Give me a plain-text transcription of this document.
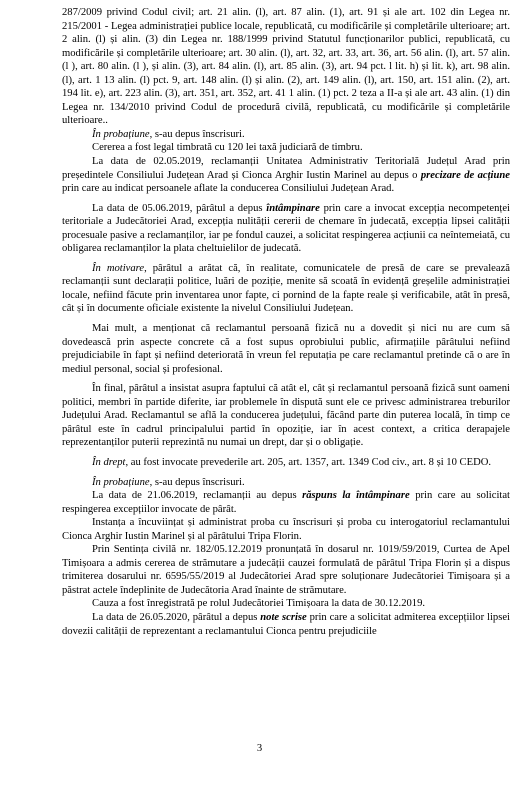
287/2009 privind Codul civil; art. 21 alin. (l), art. 87 alin. (1), art. 91 și ale art. 102 din Legea nr. 215/2001 - Legea administrației publice locale, republicată, cu modificările și completările ulterioare; art. 2 alin. (l) și alin. (3) din Legea nr. 188/1999 privind Statutul funcționarilor publici, republicată, cu modificările și completările ulterioare; art. 30 alin. (l), art. 32, art. 33, art. 36, art. 56 alin. (l), art. 57 alin. (l ), art. 80 alin. (l ), și alin. (3), art. 84 alin. (l), art. 85 alin. (3), art. 94 pct. l lit. h) și lit. k), art. 98 alin. (l), art. 1 13 alin. (l) pct. 9, art. 148 alin. (l) și alin. (2), art. 149 alin. (l), art. 150, art. 151 alin. (2), art. 194 lit. e), art. 223 alin. (3), art. 351, art. 352, art. 41 1 alin. (1) pct. 2 teza a II-a și ale art. 43 alin. (1) din Legea nr. 134/2010 privind Codul de procedură civilă, republicată, cu modificările și completările ulterioare..

În probațiune, s-au depus înscrisuri.

Cererea a fost legal timbrată cu 120 lei taxă judiciară de timbru.

La data de 02.05.2019, reclamanții Unitatea Administrativ Teritorială Județul Arad prin președintele Consiliului Județean Arad și Cionca Arghir Iustin Marinel au depus o precizare de acțiune prin care au indicat persoanele aflate la conducerea Consiliului Județean Arad.

La data de 05.06.2019, pârâtul a depus întâmpinare prin care a invocat excepția necompetenței teritoriale a Judecătoriei Arad, excepția nulității cererii de chemare în judecată, excepția lipsei calității procesuale pasive a reclamanților, iar pe fondul cauzei, a solicitat respingerea acțiunii ca neîntemeiată, cu obligarea reclamanților la plata cheltuielilor de judecată.

În motivare, pârâtul a arătat că, în realitate, comunicatele de presă de care se prevalează reclamanții sunt declarații politice, luări de poziție, menite să scoată în evidență greșelile administrației locale, nefiind făcute prin inventarea unor fapte, ci pornind de la fapte reale și verificabile, atât în presă, cât și în documente oficiale existente la nivelul Consiliului Județean.

Mai mult, a menționat că reclamantul persoană fizică nu a dovedit și nici nu are cum să dovedească prin aspecte concrete că a fost supus oprobiului public, afirmațiile pârâtului nefiind prejudiciabile în fapt și nefiind deteriorată în vreun fel reputația pe care reclamantul pretinde că o are în mediul personal, social și profesional.

În final, pârâtul a insistat asupra faptului că atât el, cât și reclamantul persoană fizică sunt oameni politici, membri în partide diferite, iar problemele în dispută sunt ele ce privesc administrarea treburilor Județului Arad. Reclamantul se află la conducerea județului, făcând parte din puterea locală, în timp ce pârâtul este în cadrul principalului partid în opoziție, iar în acest context, a critica derapajele reprezentanților puterii reprezintă nu numai un drept, dar și o obligație.

În drept, au fost invocate prevederile art. 205, art. 1357, art. 1349 Cod civ., art. 8 și 10 CEDO.

În probațiune, s-au depus înscrisuri.

La data de 21.06.2019, reclamanții au depus răspuns la întâmpinare prin care au solicitat respingerea excepțiilor invocate de pârât.

Instanța a încuviințat și administrat proba cu înscrisuri și proba cu interogatoriul reclamantului Cionca Arghir Iustin Marinel și al pârâtului Tripa Florin.

Prin Sentința civilă nr. 182/05.12.2019 pronunțată în dosarul nr. 1019/59/2019, Curtea de Apel Timișoara a admis cererea de strămutare a judecății cauzei formulată de pârâtul Tripa Florin și a dispus trimiterea dosarului nr. 6595/55/2019 al Judecătoriei Arad spre soluționare Judecătoriei Timișoara și a păstrat actele îndeplinite de Judecătoria Arad înainte de strămutare.

Cauza a fost înregistrată pe rolul Judecătoriei Timișoara la data de 30.12.2019.

La data de 26.05.2020, pârâtul a depus note scrise prin care a solicitat admiterea excepțiilor lipsei dovezii calității de reprezentant a reclamantului Cionca pentru prejudiciile

3
